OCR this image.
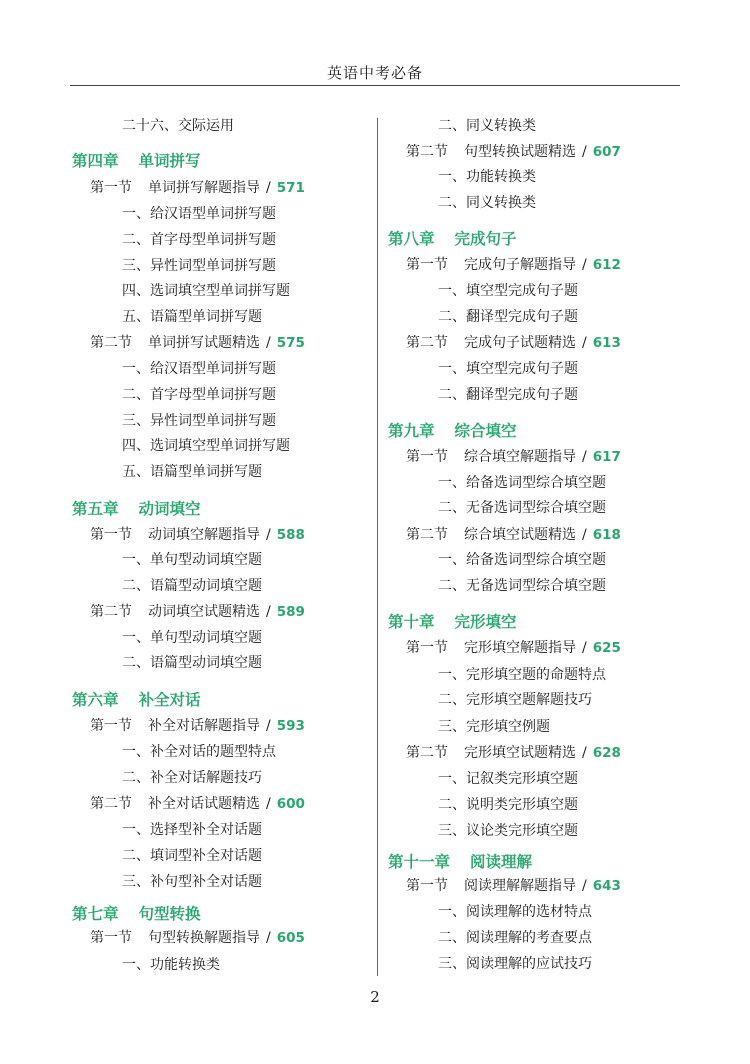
英语中考必备
二十六、交际运用
第四章 单词拼写
第一节 单词拼写解题指导 / 571
一、给汉语型单词拼写题
二、首字母型单词拼写题
三、异性词型单词拼写题
四、选词填空型单词拼写题
五、语篇型单词拼写题
第二节 单词拼写试题精选 / 575
一、给汉语型单词拼写题
二、首字母型单词拼写题
三、异性词型单词拼写题
四、选词填空型单词拼写题
五、语篇型单词拼写题
第五章 动词填空
第一节 动词填空解题指导 / 588
一、单句型动词填空题
二、语篇型动词填空题
第二节 动词填空试题精选 / 589
一、单句型动词填空题
二、语篇型动词填空题
第六章 补全对话
第一节 补全对话解题指导 / 593
一、补全对话的题型特点
二、补全对话解题技巧
第二节 补全对话试题精选 / 600
一、选择型补全对话题
二、填词型补全对话题
三、补句型补全对话题
第七章 句型转换
第一节 句型转换解题指导 / 605
一、功能转换类
二、同义转换类
第二节 句型转换试题精选 / 607
一、功能转换类
二、同义转换类
第八章 完成句子
第一节 完成句子解题指导 / 612
一、填空型完成句子题
二、翻译型完成句子题
第二节 完成句子试题精选 / 613
一、填空型完成句子题
二、翻译型完成句子题
第九章 综合填空
第一节 综合填空解题指导 / 617
一、给备选词型综合填空题
二、无备选词型综合填空题
第二节 综合填空试题精选 / 618
一、给备选词型综合填空题
二、无备选词型综合填空题
第十章 完形填空
第一节 完形填空解题指导 / 625
一、完形填空题的命题特点
二、完形填空题解题技巧
三、完形填空例题
第二节 完形填空试题精选 / 628
一、记叙类完形填空题
二、说明类完形填空题
三、议论类完形填空题
第十一章 阅读理解
第一节 阅读理解解题指导 / 643
一、阅读理解的选材特点
二、阅读理解的考查要点
三、阅读理解的应试技巧
2
